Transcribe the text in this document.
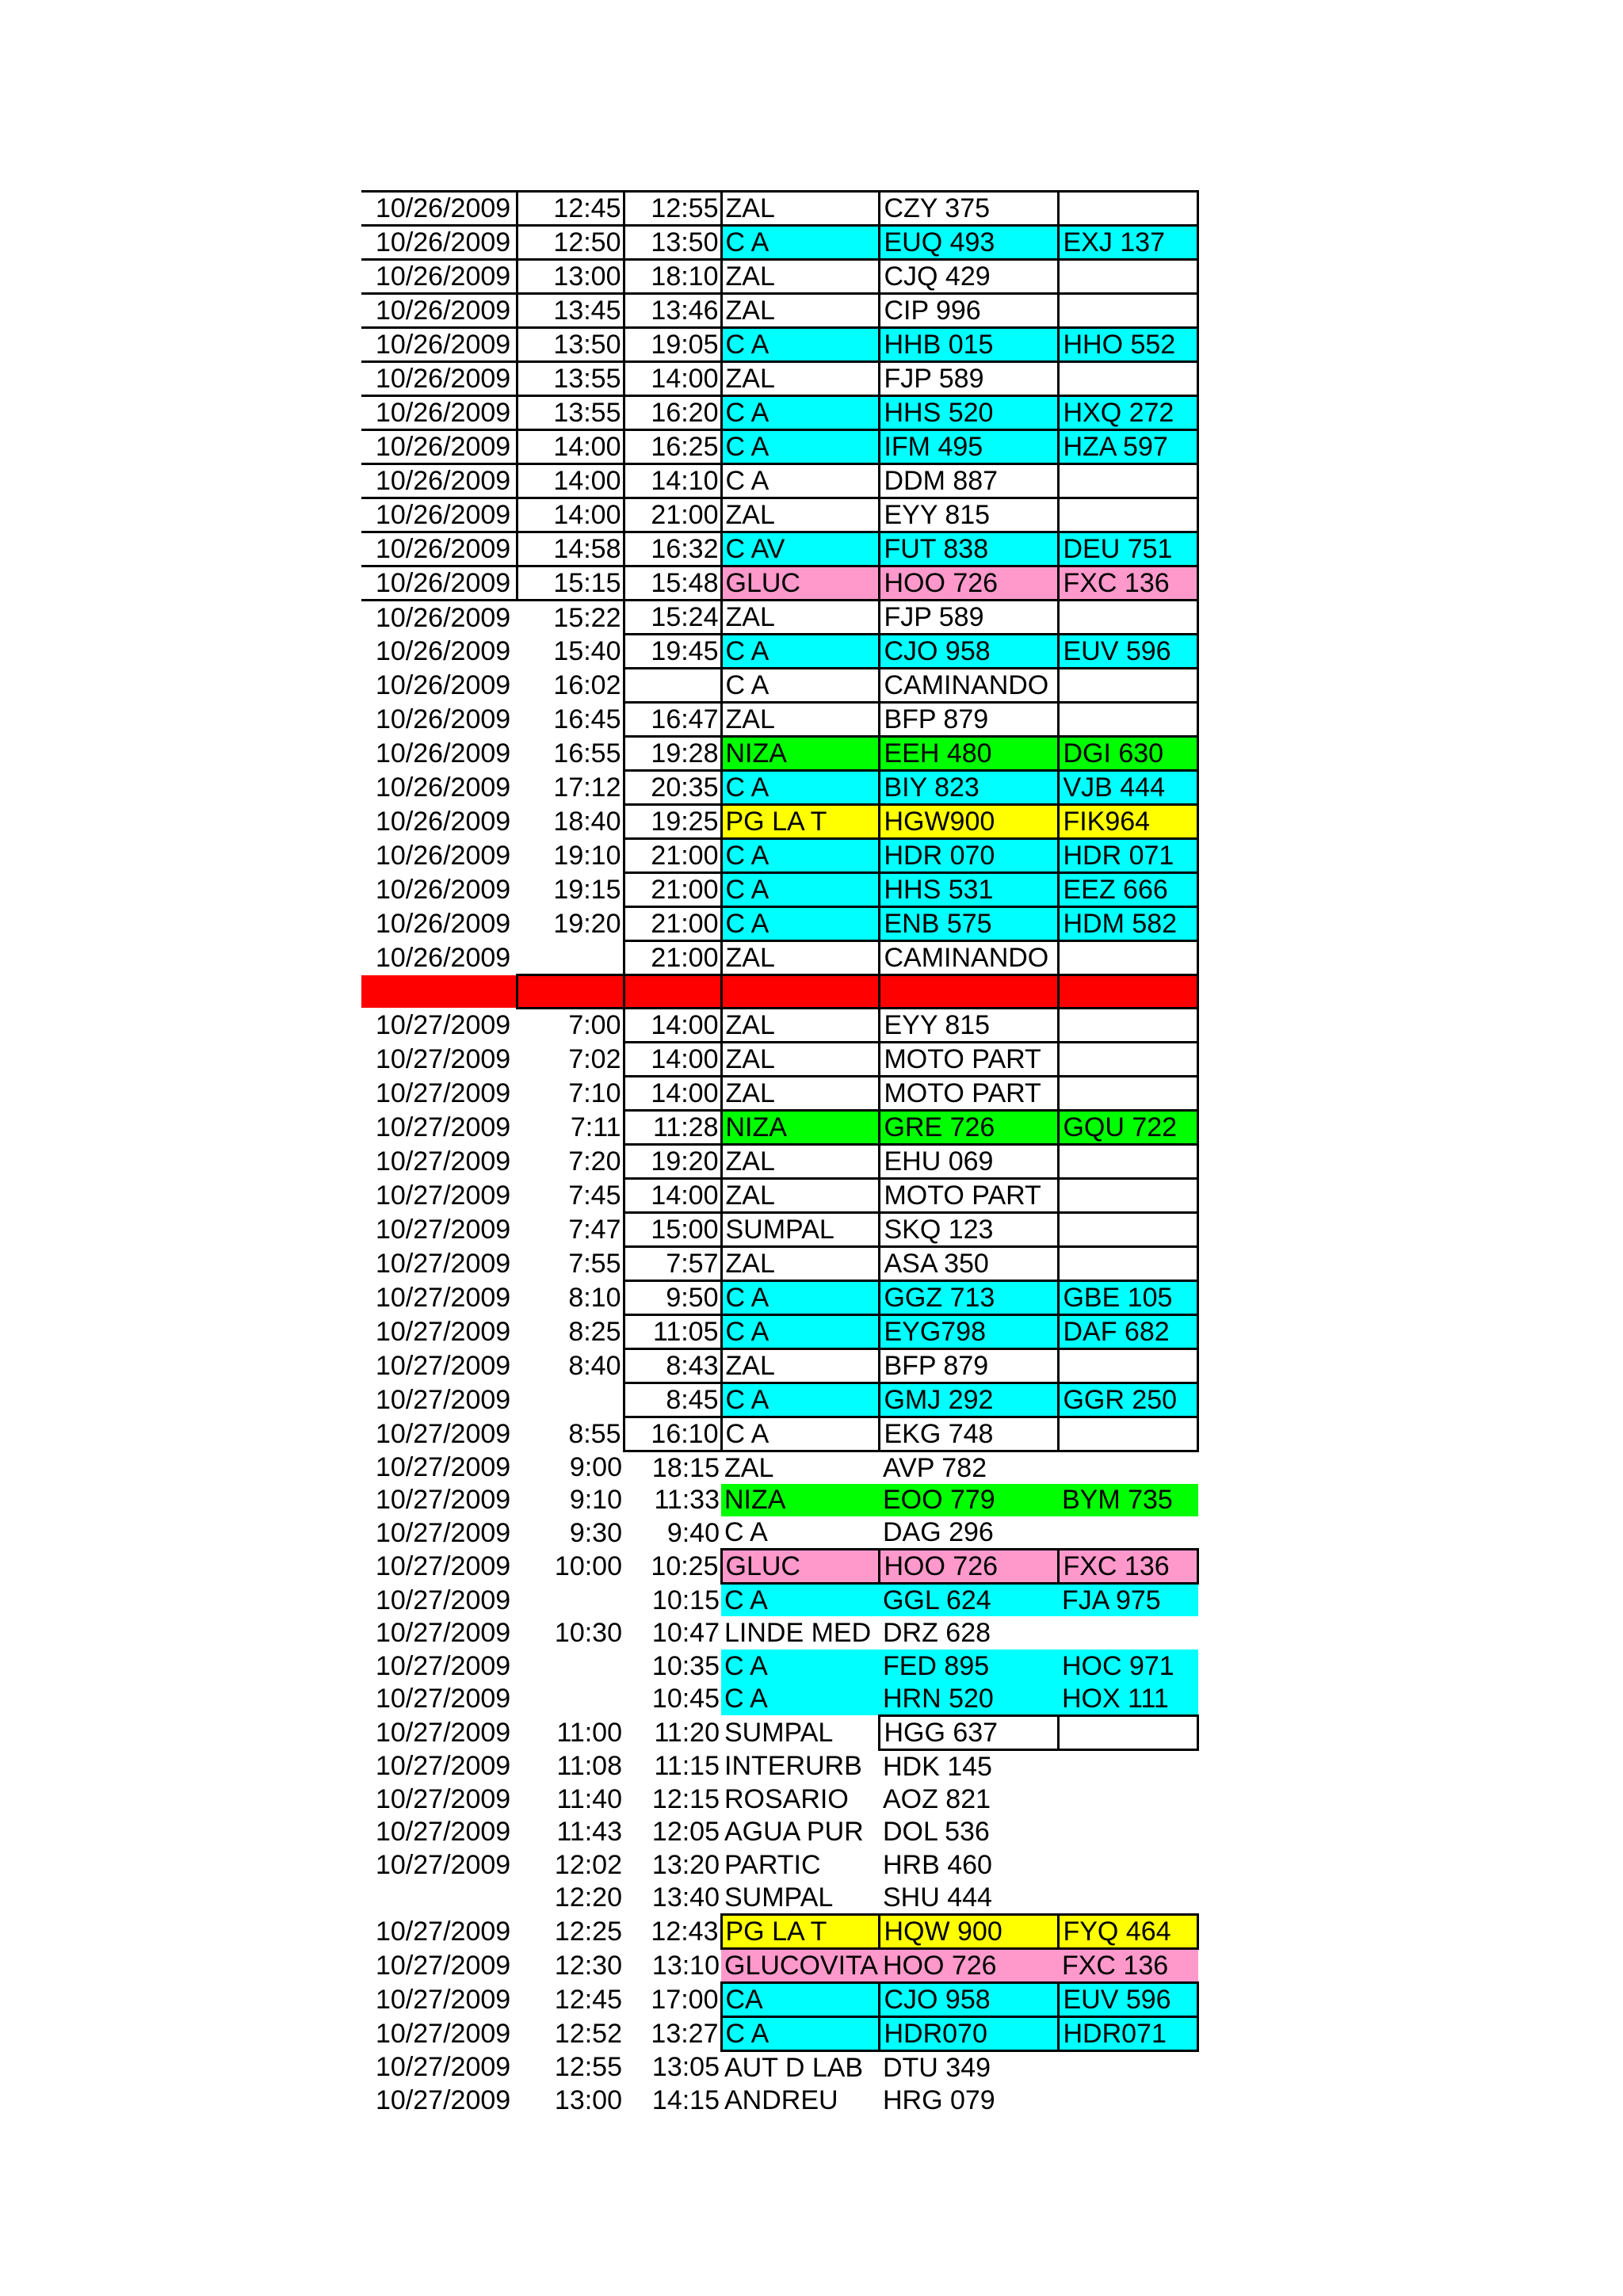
10/26/2009	12:45	12:55	ZAL	CZY 375	
10/26/2009	12:50	13:50	C A	EUQ 493	EXJ 137
10/26/2009	13:00	18:10	ZAL	CJQ 429	
10/26/2009	13:45	13:46	ZAL	CIP 996	
10/26/2009	13:50	19:05	C A	HHB 015	HHO 552
10/26/2009	13:55	14:00	ZAL	FJP 589	
10/26/2009	13:55	16:20	C A	HHS 520	HXQ 272
10/26/2009	14:00	16:25	C A	IFM 495	HZA 597
10/26/2009	14:00	14:10	C A	DDM 887	
10/26/2009	14:00	21:00	ZAL	EYY 815	
10/26/2009	14:58	16:32	C AV	FUT 838	DEU 751
10/26/2009	15:15	15:48	GLUC	HOO 726	FXC 136
10/26/2009	15:22	15:24	ZAL	FJP 589	
10/26/2009	15:40	19:45	C A	CJO 958	EUV 596
10/26/2009	16:02		C A	CAMINANDO	
10/26/2009	16:45	16:47	ZAL	BFP 879	
10/26/2009	16:55	19:28	NIZA	EEH 480	DGI 630
10/26/2009	17:12	20:35	C A	BIY 823	VJB 444
10/26/2009	18:40	19:25	PG LA T	HGW900	FIK964
10/26/2009	19:10	21:00	C A	HDR 070	HDR 071
10/26/2009	19:15	21:00	C A	HHS 531	EEZ 666
10/26/2009	19:20	21:00	C A	ENB 575	HDM 582
10/26/2009		21:00	ZAL	CAMINANDO	

10/27/2009	7:00	14:00	ZAL	EYY 815	
10/27/2009	7:02	14:00	ZAL	MOTO PART	
10/27/2009	7:10	14:00	ZAL	MOTO PART	
10/27/2009	7:11	11:28	NIZA	GRE 726	GQU 722
10/27/2009	7:20	19:20	ZAL	EHU 069	
10/27/2009	7:45	14:00	ZAL	MOTO PART	
10/27/2009	7:47	15:00	SUMPAL	SKQ 123	
10/27/2009	7:55	7:57	ZAL	ASA 350	
10/27/2009	8:10	9:50	C A	GGZ 713	GBE 105
10/27/2009	8:25	11:05	C A	EYG798	DAF 682
10/27/2009	8:40	8:43	ZAL	BFP 879	
10/27/2009		8:45	C A	GMJ 292	GGR 250
10/27/2009	8:55	16:10	C A	EKG 748	
10/27/2009	9:00	18:15	ZAL	AVP 782	
10/27/2009	9:10	11:33	NIZA	EOO 779	BYM 735
10/27/2009	9:30	9:40	C A	DAG 296	
10/27/2009	10:00	10:25	GLUC	HOO 726	FXC 136
10/27/2009		10:15	C A	GGL 624	FJA 975
10/27/2009	10:30	10:47	LINDE MED	DRZ 628	
10/27/2009		10:35	C A	FED 895	HOC 971
10/27/2009		10:45	C A	HRN 520	HOX 111
10/27/2009	11:00	11:20	SUMPAL	HGG 637	
10/27/2009	11:08	11:15	INTERURB	HDK 145	
10/27/2009	11:40	12:15	ROSARIO	AOZ 821	
10/27/2009	11:43	12:05	AGUA PUR	DOL 536	
10/27/2009	12:02	13:20	PARTIC	HRB 460	
	12:20	13:40	SUMPAL	SHU 444	
10/27/2009	12:25	12:43	PG LA T	HQW 900	FYQ 464
10/27/2009	12:30	13:10	GLUCOVITA	HOO 726	FXC 136
10/27/2009	12:45	17:00	CA	CJO 958	EUV 596
10/27/2009	12:52	13:27	C A	HDR070	HDR071
10/27/2009	12:55	13:05	AUT D LAB	DTU 349	
10/27/2009	13:00	14:15	ANDREU	HRG 079	
